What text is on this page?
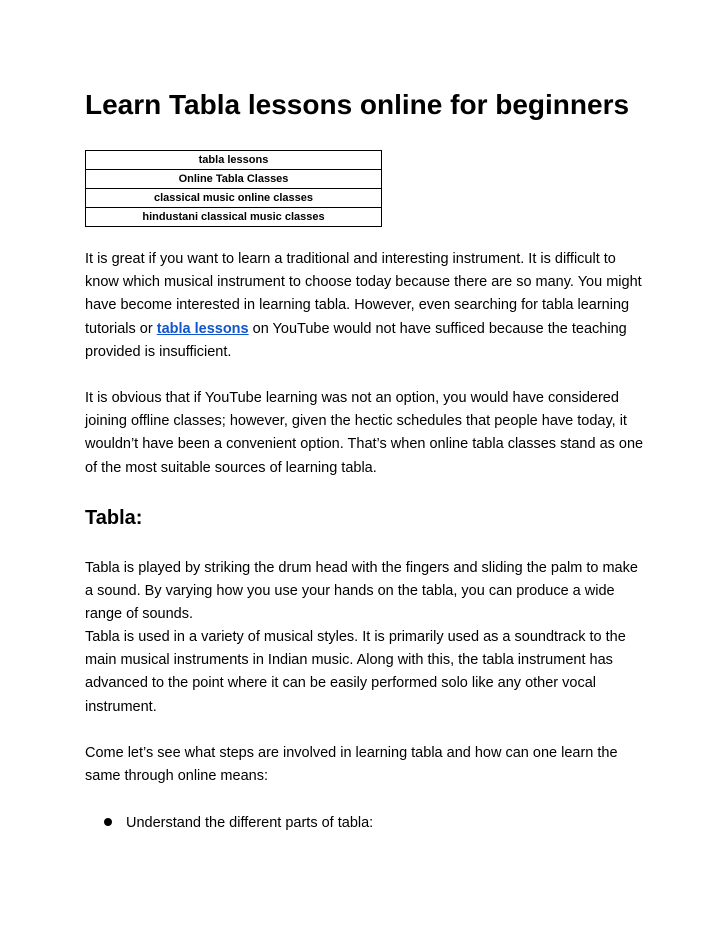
Learn Tabla lessons online for beginners
tabla lessons
Online Tabla Classes
classical music online classes
hindustani classical music classes

It is great if you want to learn a traditional and interesting instrument. It is difficult to know which musical instrument to choose today because there are so many. You might have become interested in learning tabla. However, even searching for tabla learning tutorials or tabla lessons on YouTube would not have sufficed because the teaching provided is insufficient.

It is obvious that if YouTube learning was not an option, you would have considered joining offline classes; however, given the hectic schedules that people have today, it wouldn’t have been a convenient option. That’s when online tabla classes stand as one of the most suitable sources of learning tabla.

Tabla:

Tabla is played by striking the drum head with the fingers and sliding the palm to make a sound. By varying how you use your hands on the tabla, you can produce a wide range of sounds.

Tabla is used in a variety of musical styles. It is primarily used as a soundtrack to the main musical instruments in Indian music. Along with this, the tabla instrument has advanced to the point where it can be easily performed solo like any other vocal instrument.

Come let’s see what steps are involved in learning tabla and how can one learn the same through online means:

Understand the different parts of tabla:
